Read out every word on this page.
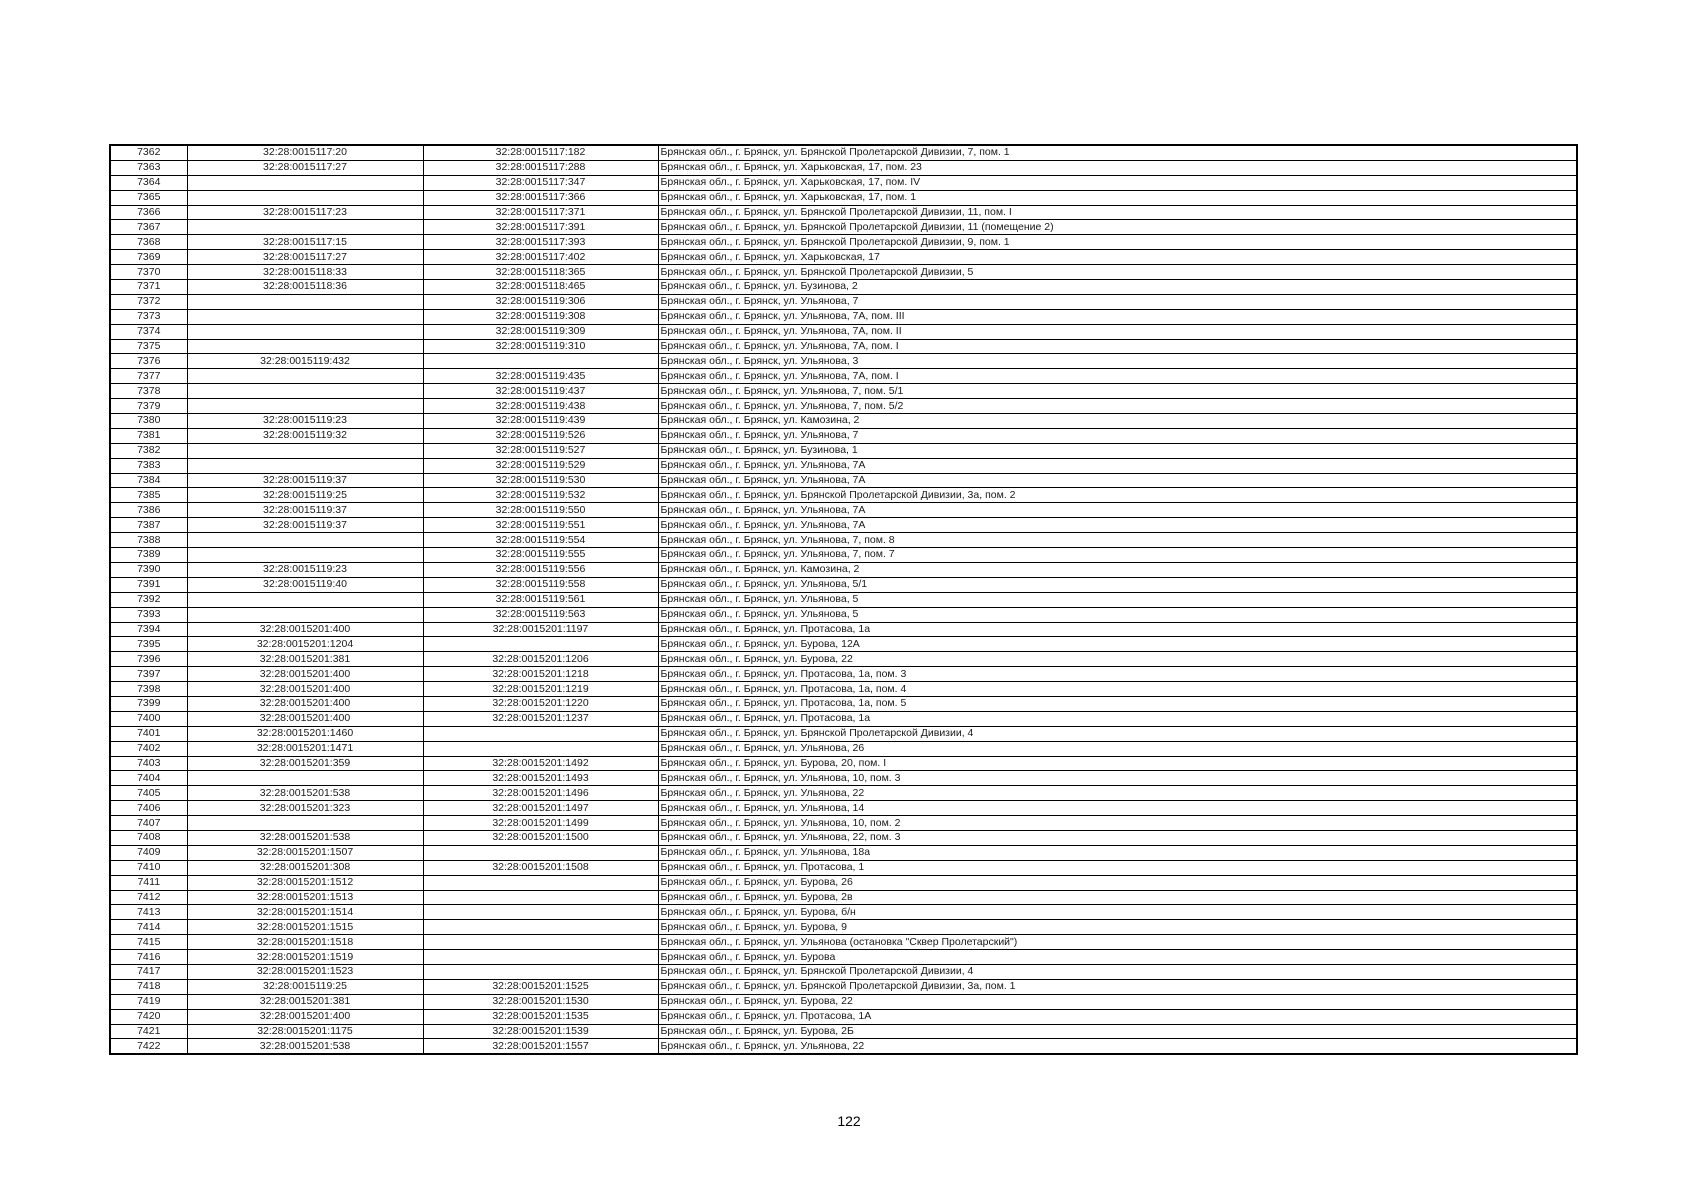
7362	32:28:0015117:20	32:28:0015117:182	Брянская обл., г. Брянск, ул. Брянской Пролетарской Дивизии, 7, пом. 1
7363	32:28:0015117:27	32:28:0015117:288	Брянская обл., г. Брянск, ул. Харьковская, 17, пом. 23
7364		32:28:0015117:347	Брянская обл., г. Брянск, ул. Харьковская, 17, пом. IV
7365		32:28:0015117:366	Брянская обл., г. Брянск, ул. Харьковская, 17, пом. 1
7366	32:28:0015117:23	32:28:0015117:371	Брянская обл., г. Брянск, ул. Брянской Пролетарской Дивизии, 11, пом. I
7367		32:28:0015117:391	Брянская обл., г. Брянск, ул. Брянской Пролетарской Дивизии, 11 (помещение 2)
7368	32:28:0015117:15	32:28:0015117:393	Брянская обл., г. Брянск, ул. Брянской Пролетарской Дивизии, 9, пом. 1
7369	32:28:0015117:27	32:28:0015117:402	Брянская обл., г. Брянск, ул. Харьковская, 17
7370	32:28:0015118:33	32:28:0015118:365	Брянская обл., г. Брянск, ул. Брянской Пролетарской Дивизии, 5
7371	32:28:0015118:36	32:28:0015118:465	Брянская обл., г. Брянск, ул. Бузинова, 2
7372		32:28:0015119:306	Брянская обл., г. Брянск, ул. Ульянова, 7
7373		32:28:0015119:308	Брянская обл., г. Брянск, ул. Ульянова, 7А, пом. III
7374		32:28:0015119:309	Брянская обл., г. Брянск, ул. Ульянова, 7А, пом. II
7375		32:28:0015119:310	Брянская обл., г. Брянск, ул. Ульянова, 7А, пом. I
7376	32:28:0015119:432		Брянская обл., г. Брянск, ул. Ульянова, 3
7377		32:28:0015119:435	Брянская обл., г. Брянск, ул. Ульянова, 7А, пом. I
7378		32:28:0015119:437	Брянская обл., г. Брянск, ул. Ульянова, 7, пом. 5/1
7379		32:28:0015119:438	Брянская обл., г. Брянск, ул. Ульянова, 7, пом. 5/2
7380	32:28:0015119:23	32:28:0015119:439	Брянская обл., г. Брянск, ул. Камозина, 2
7381	32:28:0015119:32	32:28:0015119:526	Брянская обл., г. Брянск, ул. Ульянова, 7
7382		32:28:0015119:527	Брянская обл., г. Брянск, ул. Бузинова, 1
7383		32:28:0015119:529	Брянская обл., г. Брянск, ул. Ульянова, 7А
7384	32:28:0015119:37	32:28:0015119:530	Брянская обл., г. Брянск, ул. Ульянова, 7А
7385	32:28:0015119:25	32:28:0015119:532	Брянская обл., г. Брянск, ул. Брянской Пролетарской Дивизии, 3а, пом. 2
7386	32:28:0015119:37	32:28:0015119:550	Брянская обл., г. Брянск, ул. Ульянова, 7А
7387	32:28:0015119:37	32:28:0015119:551	Брянская обл., г. Брянск, ул. Ульянова, 7А
7388		32:28:0015119:554	Брянская обл., г. Брянск, ул. Ульянова, 7, пом. 8
7389		32:28:0015119:555	Брянская обл., г. Брянск, ул. Ульянова, 7, пом. 7
7390	32:28:0015119:23	32:28:0015119:556	Брянская обл., г. Брянск, ул. Камозина, 2
7391	32:28:0015119:40	32:28:0015119:558	Брянская обл., г. Брянск, ул. Ульянова, 5/1
7392		32:28:0015119:561	Брянская обл., г. Брянск, ул. Ульянова, 5
7393		32:28:0015119:563	Брянская обл., г. Брянск, ул. Ульянова, 5
7394	32:28:0015201:400	32:28:0015201:1197	Брянская обл., г. Брянск, ул. Протасова, 1а
7395	32:28:0015201:1204		Брянская обл., г. Брянск, ул. Бурова, 12А
7396	32:28:0015201:381	32:28:0015201:1206	Брянская обл., г. Брянск, ул. Бурова, 22
7397	32:28:0015201:400	32:28:0015201:1218	Брянская обл., г. Брянск, ул. Протасова, 1а, пом. 3
7398	32:28:0015201:400	32:28:0015201:1219	Брянская обл., г. Брянск, ул. Протасова, 1а, пом. 4
7399	32:28:0015201:400	32:28:0015201:1220	Брянская обл., г. Брянск, ул. Протасова, 1а, пом. 5
7400	32:28:0015201:400	32:28:0015201:1237	Брянская обл., г. Брянск, ул. Протасова, 1а
7401	32:28:0015201:1460		Брянская обл., г. Брянск, ул. Брянской Пролетарской Дивизии, 4
7402	32:28:0015201:1471		Брянская обл., г. Брянск, ул. Ульянова, 26
7403	32:28:0015201:359	32:28:0015201:1492	Брянская обл., г. Брянск, ул. Бурова, 20, пом. I
7404		32:28:0015201:1493	Брянская обл., г. Брянск, ул. Ульянова, 10, пом. 3
7405	32:28:0015201:538	32:28:0015201:1496	Брянская обл., г. Брянск, ул. Ульянова, 22
7406	32:28:0015201:323	32:28:0015201:1497	Брянская обл., г. Брянск, ул. Ульянова, 14
7407		32:28:0015201:1499	Брянская обл., г. Брянск, ул. Ульянова, 10, пом. 2
7408	32:28:0015201:538	32:28:0015201:1500	Брянская обл., г. Брянск, ул. Ульянова, 22, пом. 3
7409	32:28:0015201:1507		Брянская обл., г. Брянск, ул. Ульянова, 18а
7410	32:28:0015201:308	32:28:0015201:1508	Брянская обл., г. Брянск, ул. Протасова, 1
7411	32:28:0015201:1512		Брянская обл., г. Брянск, ул. Бурова, 26
7412	32:28:0015201:1513		Брянская обл., г. Брянск, ул. Бурова, 2в
7413	32:28:0015201:1514		Брянская обл., г. Брянск, ул. Бурова, б/н
7414	32:28:0015201:1515		Брянская обл., г. Брянск, ул. Бурова, 9
7415	32:28:0015201:1518		Брянская обл., г. Брянск, ул. Ульянова (остановка "Сквер Пролетарский")
7416	32:28:0015201:1519		Брянская обл., г. Брянск, ул. Бурова
7417	32:28:0015201:1523		Брянская обл., г. Брянск, ул. Брянской Пролетарской Дивизии, 4
7418	32:28:0015119:25	32:28:0015201:1525	Брянская обл., г. Брянск, ул. Брянской Пролетарской Дивизии, 3а, пом. 1
7419	32:28:0015201:381	32:28:0015201:1530	Брянская обл., г. Брянск, ул. Бурова, 22
7420	32:28:0015201:400	32:28:0015201:1535	Брянская обл., г. Брянск, ул. Протасова, 1А
7421	32:28:0015201:1175	32:28:0015201:1539	Брянская обл., г. Брянск, ул. Бурова, 2Б
7422	32:28:0015201:538	32:28:0015201:1557	Брянская обл., г. Брянск, ул. Ульянова, 22
122
